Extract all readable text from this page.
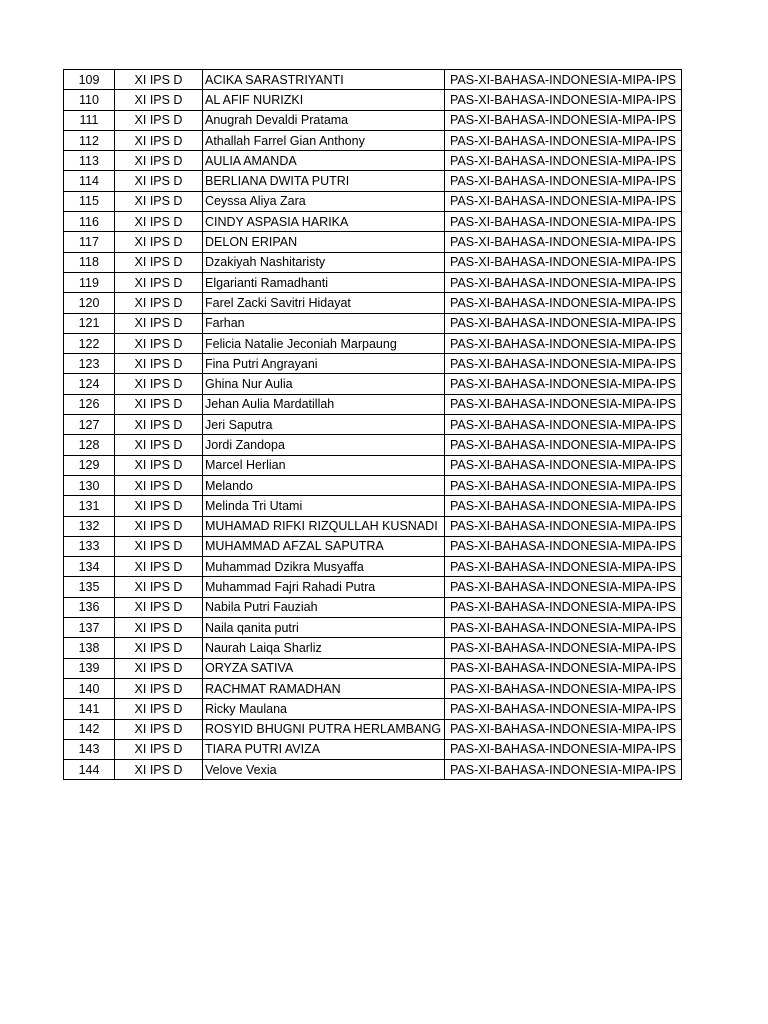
109	XI IPS D	ACIKA SARASTRIYANTI	PAS-XI-BAHASA-INDONESIA-MIPA-IPS
110	XI IPS D	AL AFIF NURIZKI	PAS-XI-BAHASA-INDONESIA-MIPA-IPS
111	XI IPS D	Anugrah Devaldi Pratama	PAS-XI-BAHASA-INDONESIA-MIPA-IPS
112	XI IPS D	Athallah Farrel Gian Anthony	PAS-XI-BAHASA-INDONESIA-MIPA-IPS
113	XI IPS D	AULIA AMANDA	PAS-XI-BAHASA-INDONESIA-MIPA-IPS
114	XI IPS D	BERLIANA DWITA PUTRI	PAS-XI-BAHASA-INDONESIA-MIPA-IPS
115	XI IPS D	Ceyssa Aliya Zara	PAS-XI-BAHASA-INDONESIA-MIPA-IPS
116	XI IPS D	CINDY ASPASIA HARIKA	PAS-XI-BAHASA-INDONESIA-MIPA-IPS
117	XI IPS D	DELON ERIPAN	PAS-XI-BAHASA-INDONESIA-MIPA-IPS
118	XI IPS D	Dzakiyah Nashitaristy	PAS-XI-BAHASA-INDONESIA-MIPA-IPS
119	XI IPS D	Elgarianti Ramadhanti	PAS-XI-BAHASA-INDONESIA-MIPA-IPS
120	XI IPS D	Farel Zacki Savitri Hidayat	PAS-XI-BAHASA-INDONESIA-MIPA-IPS
121	XI IPS D	Farhan	PAS-XI-BAHASA-INDONESIA-MIPA-IPS
122	XI IPS D	Felicia Natalie Jeconiah Marpaung	PAS-XI-BAHASA-INDONESIA-MIPA-IPS
123	XI IPS D	Fina Putri Angrayani	PAS-XI-BAHASA-INDONESIA-MIPA-IPS
124	XI IPS D	Ghina Nur Aulia	PAS-XI-BAHASA-INDONESIA-MIPA-IPS
126	XI IPS D	Jehan Aulia Mardatillah	PAS-XI-BAHASA-INDONESIA-MIPA-IPS
127	XI IPS D	Jeri Saputra	PAS-XI-BAHASA-INDONESIA-MIPA-IPS
128	XI IPS D	Jordi Zandopa	PAS-XI-BAHASA-INDONESIA-MIPA-IPS
129	XI IPS D	Marcel Herlian	PAS-XI-BAHASA-INDONESIA-MIPA-IPS
130	XI IPS D	Melando	PAS-XI-BAHASA-INDONESIA-MIPA-IPS
131	XI IPS D	Melinda Tri Utami	PAS-XI-BAHASA-INDONESIA-MIPA-IPS
132	XI IPS D	MUHAMAD RIFKI RIZQULLAH KUSNADI	PAS-XI-BAHASA-INDONESIA-MIPA-IPS
133	XI IPS D	MUHAMMAD AFZAL SAPUTRA	PAS-XI-BAHASA-INDONESIA-MIPA-IPS
134	XI IPS D	Muhammad Dzikra Musyaffa	PAS-XI-BAHASA-INDONESIA-MIPA-IPS
135	XI IPS D	Muhammad Fajri Rahadi Putra	PAS-XI-BAHASA-INDONESIA-MIPA-IPS
136	XI IPS D	Nabila Putri Fauziah	PAS-XI-BAHASA-INDONESIA-MIPA-IPS
137	XI IPS D	Naila qanita putri	PAS-XI-BAHASA-INDONESIA-MIPA-IPS
138	XI IPS D	Naurah Laiqa Sharliz	PAS-XI-BAHASA-INDONESIA-MIPA-IPS
139	XI IPS D	ORYZA SATIVA	PAS-XI-BAHASA-INDONESIA-MIPA-IPS
140	XI IPS D	RACHMAT RAMADHAN	PAS-XI-BAHASA-INDONESIA-MIPA-IPS
141	XI IPS D	Ricky Maulana	PAS-XI-BAHASA-INDONESIA-MIPA-IPS
142	XI IPS D	ROSYID BHUGNI PUTRA HERLAMBANG	PAS-XI-BAHASA-INDONESIA-MIPA-IPS
143	XI IPS D	TIARA PUTRI AVIZA	PAS-XI-BAHASA-INDONESIA-MIPA-IPS
144	XI IPS D	Velove Vexia	PAS-XI-BAHASA-INDONESIA-MIPA-IPS
